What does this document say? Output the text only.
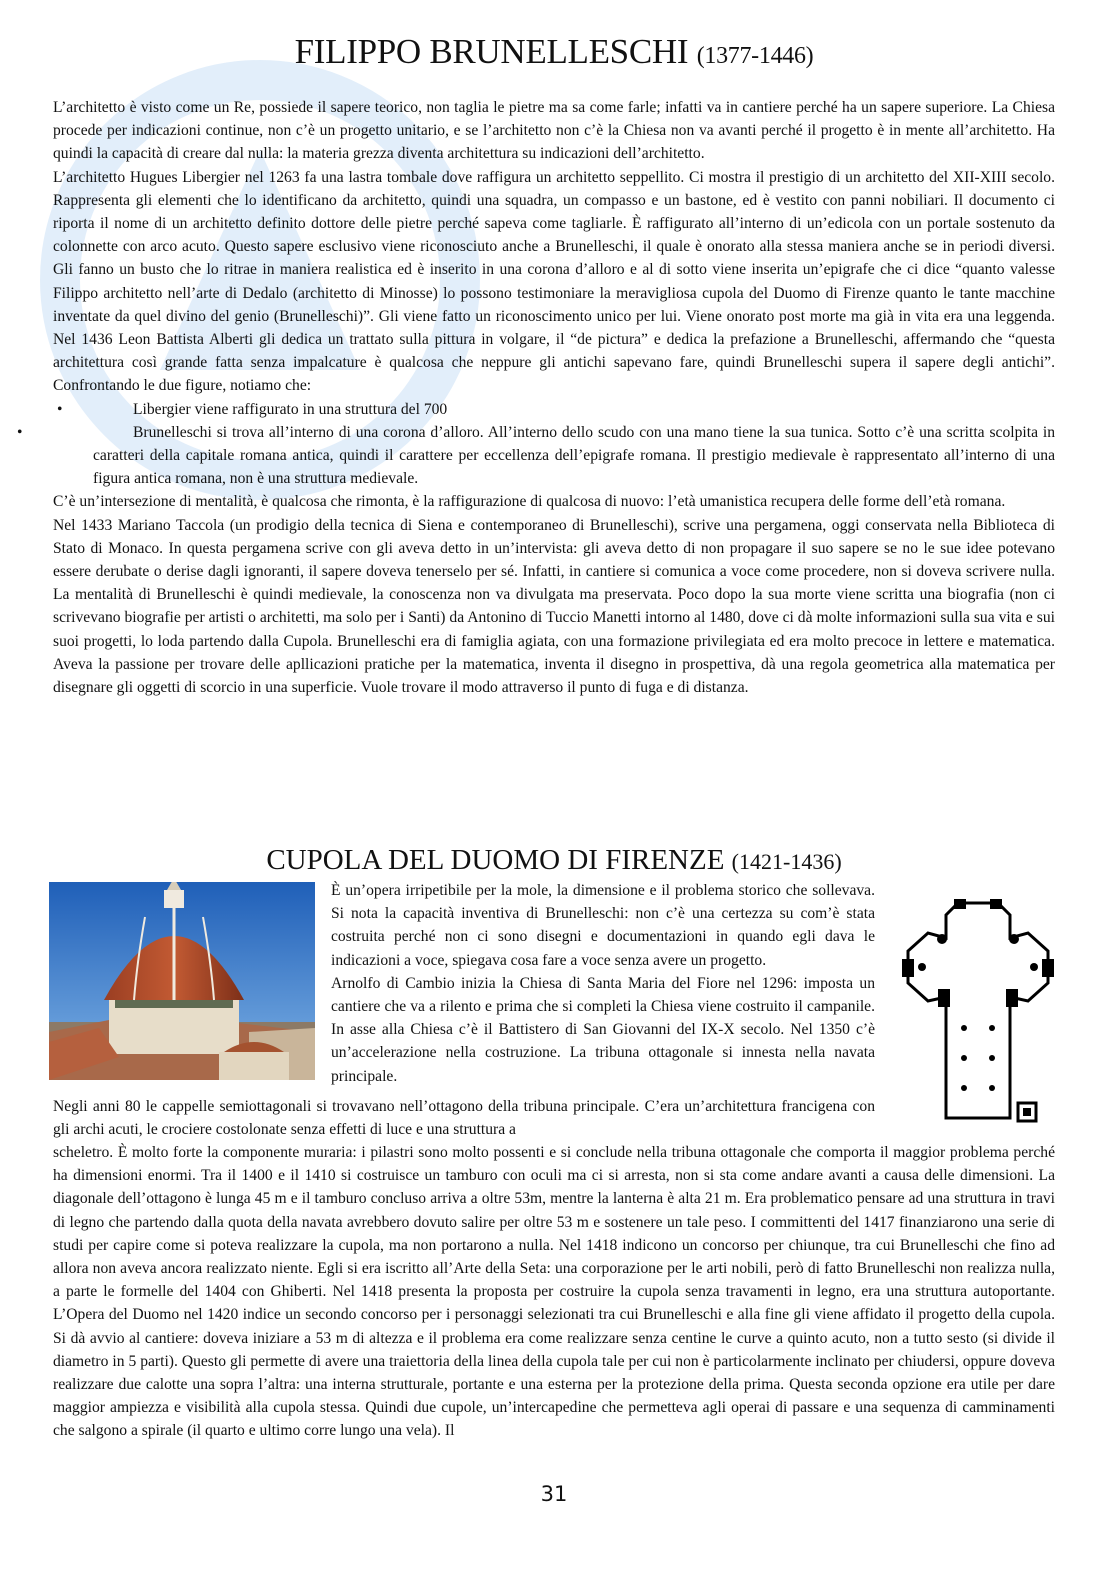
FILIPPO BRUNELLESCHI (1377-1446)

L’architetto è visto come un Re, possiede il sapere teorico, non taglia le pietre ma sa come farle; infatti va in cantiere perché ha un sapere superiore. La Chiesa procede per indicazioni continue, non c’è un progetto unitario, e se l’architetto non c’è la Chiesa non va avanti perché il progetto è in mente all’architetto. Ha quindi la capacità di creare dal nulla: la materia grezza diventa architettura su indicazioni dell’architetto.

L’architetto Hugues Libergier nel 1263 fa una lastra tombale dove raffigura un architetto seppellito. Ci mostra il prestigio di un architetto del XII-XIII secolo. Rappresenta gli elementi che lo identificano da architetto, quindi una squadra, un compasso e un bastone, ed è vestito con panni nobiliari. Il documento ci riporta il nome di un architetto definito dottore delle pietre perché sapeva come tagliarle. È raffigurato all’interno di un’edicola con un portale sostenuto da colonnette con arco acuto. Questo sapere esclusivo viene riconosciuto anche a Brunelleschi, il quale è onorato alla stessa maniera anche se in periodi diversi. Gli fanno un busto che lo ritrae in maniera realistica ed è inserito in una corona d’alloro e al di sotto viene inserita un’epigrafe che ci dice “quanto valesse Filippo architetto nell’arte di Dedalo (architetto di Minosse) lo possono testimoniare la meravigliosa cupola del Duomo di Firenze quanto le tante macchine inventate da quel divino del genio (Brunelleschi)”. Gli viene fatto un riconoscimento unico per lui. Viene onorato post morte ma già in vita era una leggenda. Nel 1436 Leon Battista Alberti gli dedica un trattato sulla pittura in volgare, il “de pictura” e dedica la prefazione a Brunelleschi, affermando che “questa architettura così grande fatta senza impalcature è qualcosa che neppure gli antichi sapevano fare, quindi Brunelleschi supera il sapere degli antichi”. Confrontando le due figure, notiamo che:

•	Libergier viene raffigurato in una struttura del 700
•	Brunelleschi si trova all’interno di una corona d’alloro. All’interno dello scudo con una mano tiene la sua tunica. Sotto c’è una scritta scolpita in caratteri della capitale romana antica, quindi il carattere per eccellenza dell’epigrafe romana. Il prestigio medievale è rappresentato all’interno di una figura antica romana, non è una struttura medievale.

C’è un’intersezione di mentalità, è qualcosa che rimonta, è la raffigurazione di qualcosa di nuovo: l’età umanistica recupera delle forme dell’età romana.

Nel 1433 Mariano Taccola (un prodigio della tecnica di Siena e contemporaneo di Brunelleschi), scrive una pergamena, oggi conservata nella Biblioteca di Stato di Monaco. In questa pergamena scrive con gli aveva detto in un’intervista: gli aveva detto di non propagare il suo sapere se no le sue idee potevano essere derubate o derise dagli ignoranti, il sapere doveva tenerselo per sé. Infatti, in cantiere si comunica a voce come procedere, non si doveva scrivere nulla. La mentalità di Brunelleschi è quindi medievale, la conoscenza non va divulgata ma preservata. Poco dopo la sua morte viene scritta una biografia (non ci scrivevano biografie per artisti o architetti, ma solo per i Santi) da Antonino di Tuccio Manetti intorno al 1480, dove ci dà molte informazioni sulla sua vita e sui suoi progetti, lo loda partendo dalla Cupola. Brunelleschi era di famiglia agiata, con una formazione privilegiata ed era molto precoce in lettere e matematica. Aveva la passione per trovare delle apllicazioni pratiche per la matematica, inventa il disegno in prospettiva, dà una regola geometrica alla matematica per disegnare gli oggetti di scorcio in una superficie. Vuole trovare il modo attraverso il punto di fuga e di distanza.

CUPOLA DEL DUOMO DI FIRENZE (1421-1436)

È un’opera irripetibile per la mole, la dimensione e il problema storico che sollevava. Si nota la capacità inventiva di Brunelleschi: non c’è una certezza su com’è stata costruita perché non ci sono disegni e documentazioni in quando egli dava le indicazioni a voce, spiegava cosa fare a voce senza avere un progetto.

Arnolfo di Cambio inizia la Chiesa di Santa Maria del Fiore nel 1296: imposta un cantiere che va a rilento e prima che si completi la Chiesa viene costruito il campanile. In asse alla Chiesa c’è il Battistero di San Giovanni del IX-X secolo. Nel 1350 c’è un’accelerazione nella costruzione. La tribuna ottagonale si innesta nella navata principale.

Negli anni 80 le cappelle semiottagonali si trovavano nell’ottagono della tribuna principale. C’era un’architettura francigena con gli archi acuti, le crociere costolonate senza effetti di luce e una struttura a

scheletro. È molto forte la componente muraria: i pilastri sono molto possenti e si conclude nella tribuna ottagonale che comporta il maggior problema perché ha dimensioni enormi. Tra il 1400 e il 1410 si costruisce un tamburo con oculi ma ci si arresta, non si sta come andare avanti a causa delle dimensioni. La diagonale dell’ottagono è lunga 45 m e il tamburo concluso arriva a oltre 53m, mentre la lanterna è alta 21 m. Era problematico pensare ad una struttura in travi di legno che partendo dalla quota della navata avrebbero dovuto salire per oltre 53 m e sostenere un tale peso. I committenti del 1417 finanziarono una serie di studi per capire come si poteva realizzare la cupola, ma non portarono a nulla. Nel 1418 indicono un concorso per chiunque, tra cui Brunelleschi che fino ad allora non aveva ancora realizzato niente. Egli si era iscritto all’Arte della Seta: una corporazione per le arti nobili, però di fatto Brunelleschi non realizza nulla, a parte le formelle del 1404 con Ghiberti. Nel 1418 presenta la proposta per costruire la cupola senza travamenti in legno, era una struttura autoportante. L’Opera del Duomo nel 1420 indice un secondo concorso per i personaggi selezionati tra cui Brunelleschi e alla fine gli viene affidato il progetto della cupola. Si dà avvio al cantiere: doveva iniziare a 53 m di altezza e il problema era come realizzare senza centine le curve a quinto acuto, non a tutto sesto (si divide il diametro in 5 parti). Questo gli permette di avere una traiettoria della linea della cupola tale per cui non è particolarmente inclinato per chiudersi, oppure doveva realizzare due calotte una sopra l’altra: una interna strutturale, portante e una esterna per la protezione della prima. Questa seconda opzione era utile per dare maggior ampiezza e visibilità alla cupola stessa. Quindi due cupole, un’intercapedine che permetteva agli operai di passare e una sequenza di camminamenti che salgono a spirale (il quarto e ultimo corre lungo una vela). Il

31
